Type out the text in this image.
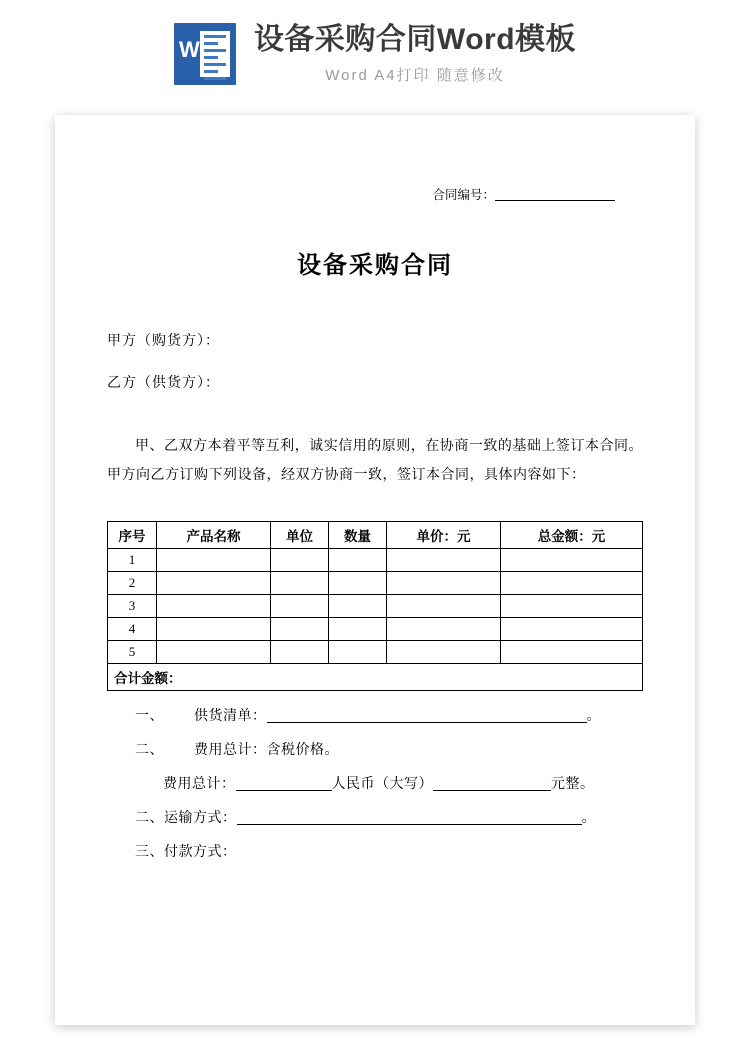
W 设备采购合同Word模板
Word A4打印 随意修改
合同编号：
设备采购合同
甲方（购货方）：
乙方（供货方）：
甲、乙双方本着平等互利，诚实信用的原则，在协商一致的基础上签订本合同。甲方向乙方订购下列设备，经双方协商一致，签订本合同，具体内容如下：
序号	产品名称	单位	数量	单价：元	总金额：元
1					
2					
3					
4					
5					
合计金额：					
一、 供货清单：	。
二、 费用总计：含税价格。
费用总计：	人民币（大写）	元整。
二、运输方式：	。
三、付款方式：
